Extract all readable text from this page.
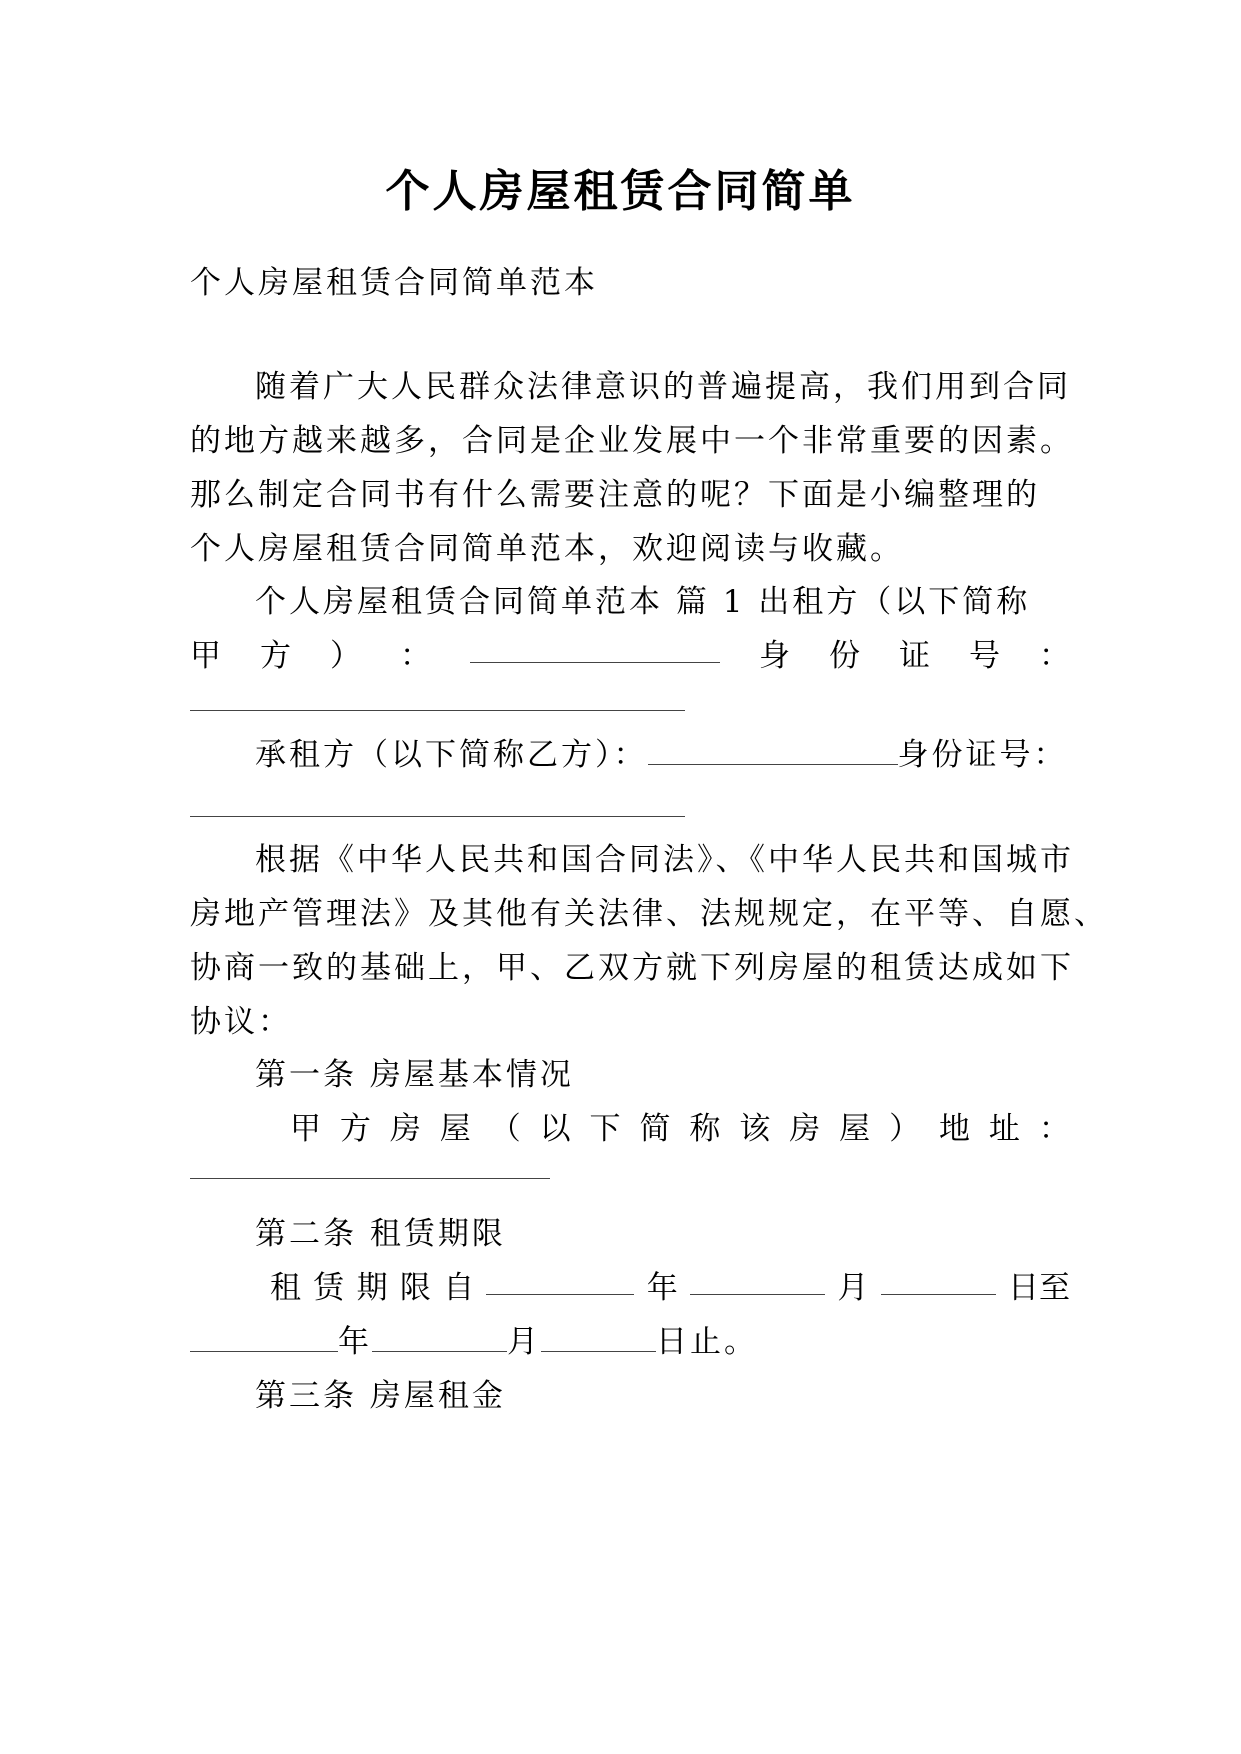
个人房屋租赁合同简单
个人房屋租赁合同简单范本
随着广大人民群众法律意识的普遍提高，我们用到合同
的地方越来越多，合同是企业发展中一个非常重要的因素。
那么制定合同书有什么需要注意的呢？下面是小编整理的
个人房屋租赁合同简单范本，欢迎阅读与收藏。
个人房屋租赁合同简单范本 篇 1 出租方（以下简称
甲 方 ） ：	身 份 证 号 ：
承租方（以下简称乙方）：	身份证号：
根据《中华人民共和国合同法》、《中华人民共和国城市
房地产管理法》及其他有关法律、法规规定，在平等、自愿、
协商一致的基础上，甲、乙双方就下列房屋的租赁达成如下
协议：
第一条 房屋基本情况
甲 方 房 屋 （ 以 下 简 称 该 房 屋 ） 地 址 ：
第二条 租赁期限
租 赁 期 限 自	年	月	日至
年	月	日止。
第三条 房屋租金
